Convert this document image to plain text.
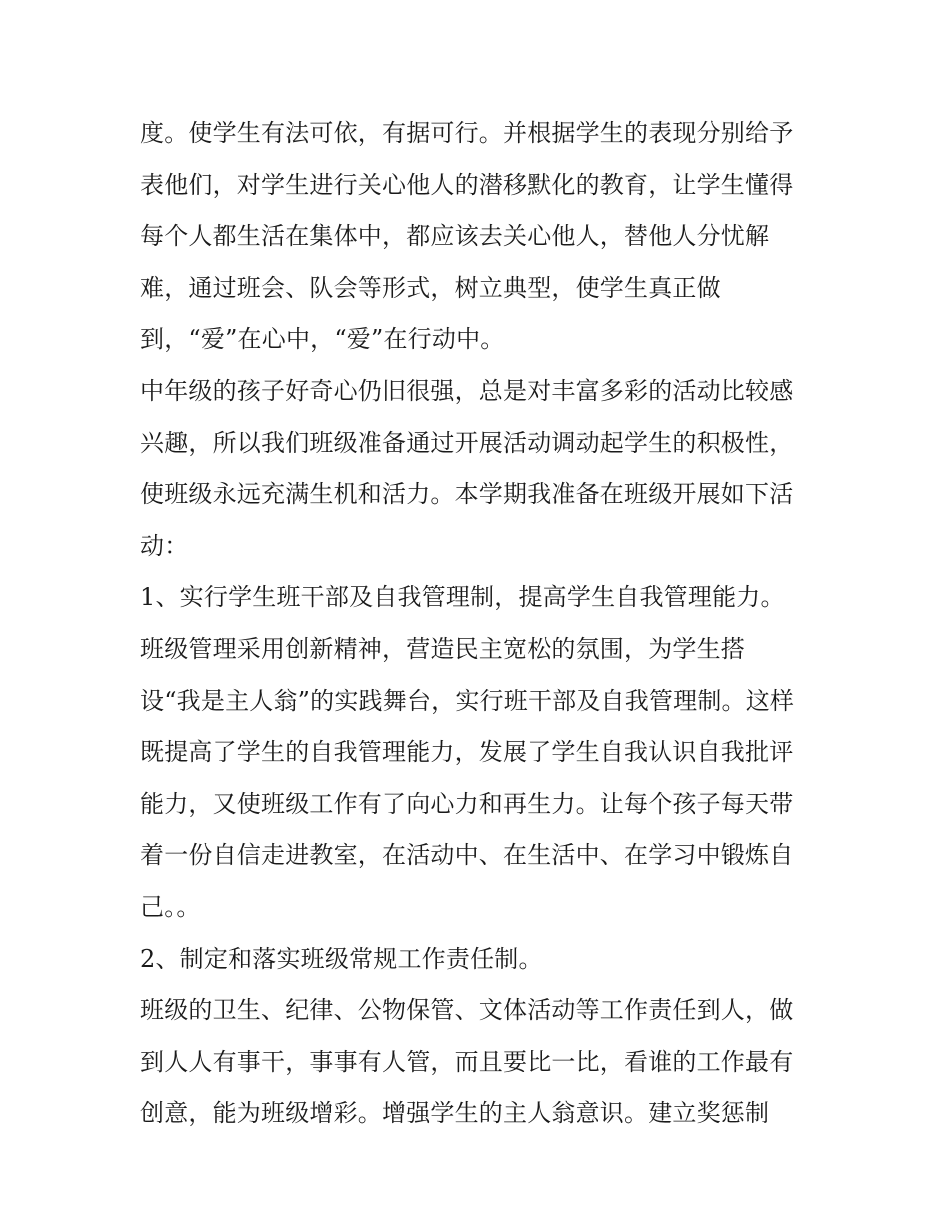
度。使学生有法可依，有据可行。并根据学生的表现分别给予
表他们，对学生进行关心他人的潜移默化的教育，让学生懂得
每个人都生活在集体中，都应该去关心他人，替他人分忧解
难，通过班会、队会等形式，树立典型，使学生真正做
到，“爱”在心中，“爱”在行动中。
中年级的孩子好奇心仍旧很强，总是对丰富多彩的活动比较感
兴趣，所以我们班级准备通过开展活动调动起学生的积极性，
使班级永远充满生机和活力。本学期我准备在班级开展如下活
动：
1、实行学生班干部及自我管理制，提高学生自我管理能力。
班级管理采用创新精神，营造民主宽松的氛围，为学生搭
设“我是主人翁”的实践舞台，实行班干部及自我管理制。这样
既提高了学生的自我管理能力，发展了学生自我认识自我批评
能力，又使班级工作有了向心力和再生力。让每个孩子每天带
着一份自信走进教室，在活动中、在生活中、在学习中锻炼自
己。。
2、制定和落实班级常规工作责任制。
班级的卫生、纪律、公物保管、文体活动等工作责任到人，做
到人人有事干，事事有人管，而且要比一比，看谁的工作最有
创意，能为班级增彩。增强学生的主人翁意识。建立奖惩制
